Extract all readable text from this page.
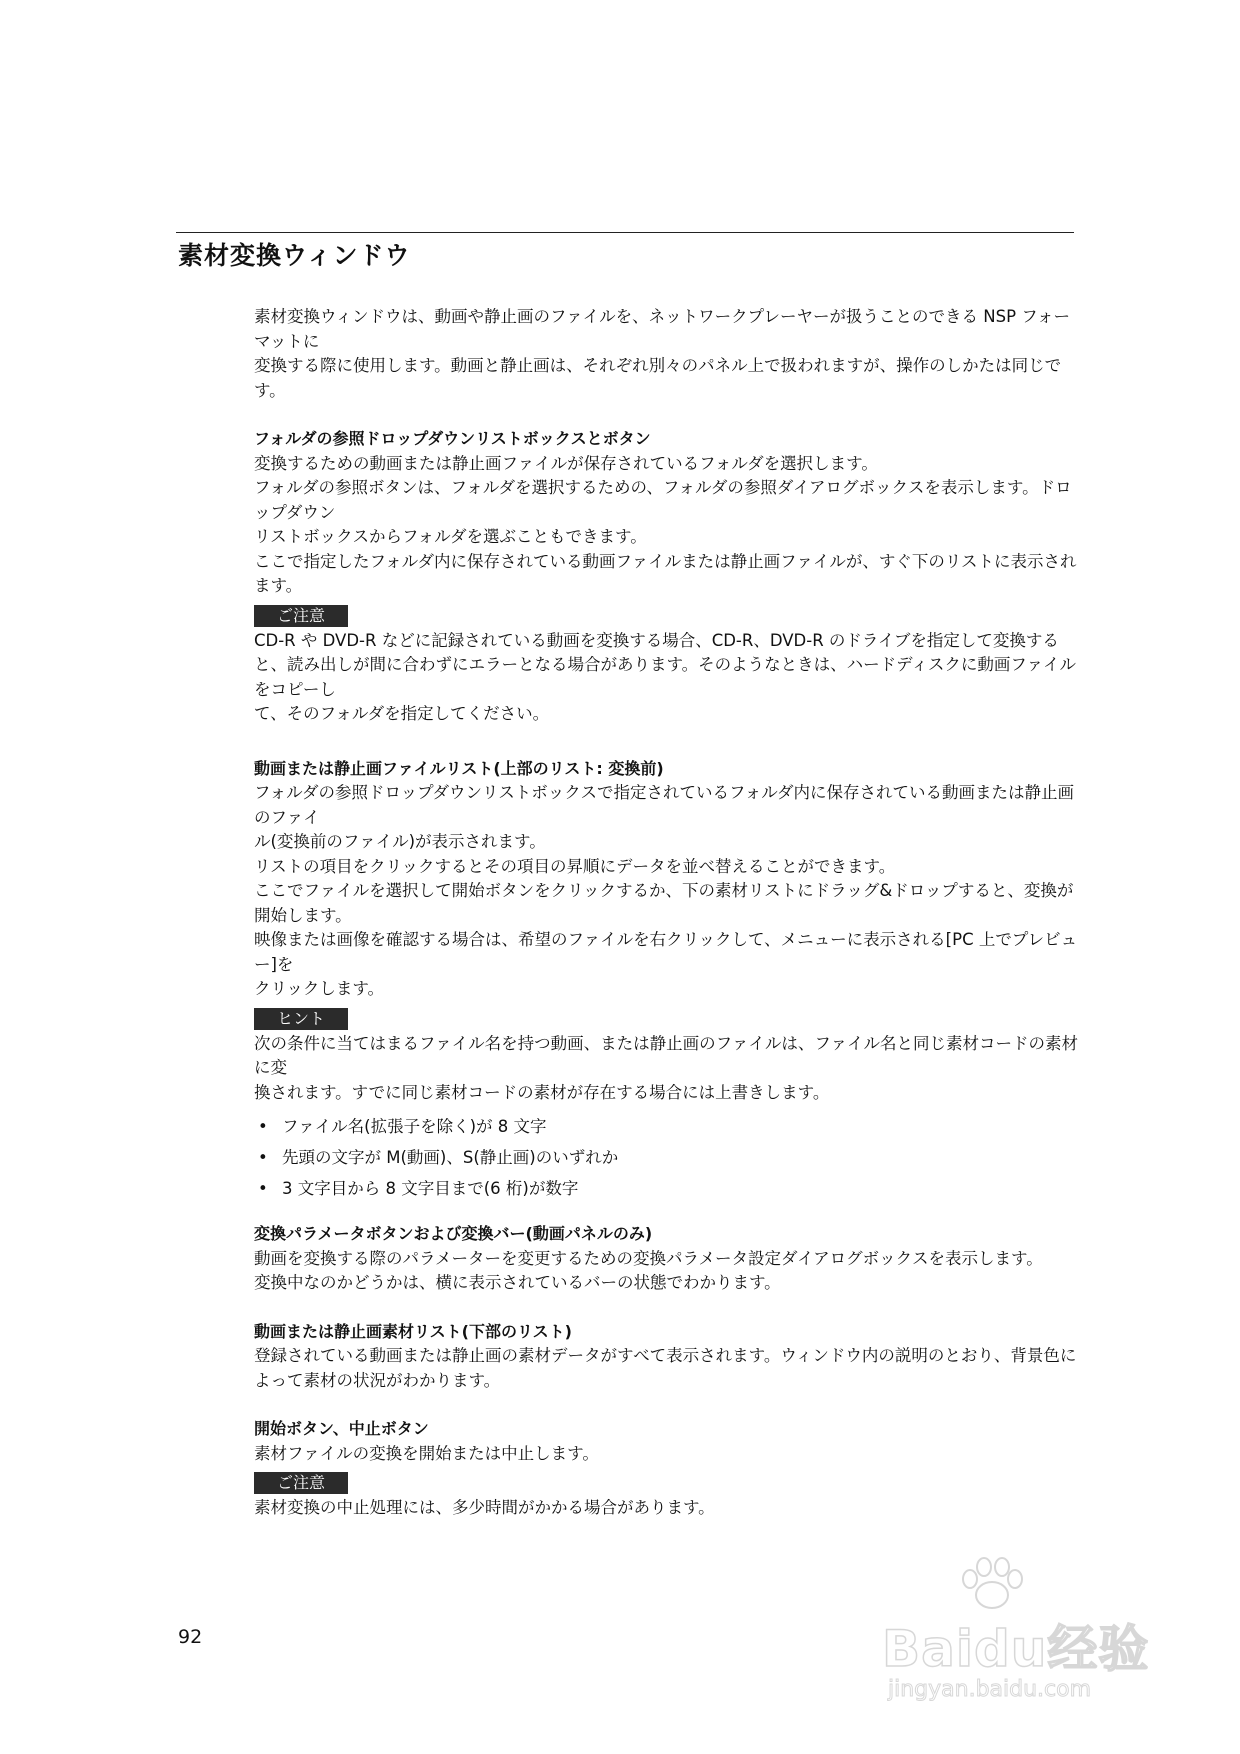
素材変換ウィンドウ

素材変換ウィンドウは、動画や静止画のファイルを、ネットワークプレーヤーが扱うことのできる NSP フォーマットに

変換する際に使用します。動画と静止画は、それぞれ別々のパネル上で扱われますが、操作のしかたは同じです。

フォルダの参照ドロップダウンリストボックスとボタン

変換するための動画または静止画ファイルが保存されているフォルダを選択します。

フォルダの参照ボタンは、フォルダを選択するための、フォルダの参照ダイアログボックスを表示します。ドロップダウン

リストボックスからフォルダを選ぶこともできます。

ここで指定したフォルダ内に保存されている動画ファイルまたは静止画ファイルが、すぐ下のリストに表示されます。

ご注意

CD-R や DVD-R などに記録されている動画を変換する場合、CD-R、DVD-R のドライブを指定して変換する

と、読み出しが間に合わずにエラーとなる場合があります。そのようなときは、ハードディスクに動画ファイルをコピーし

て、そのフォルダを指定してください。

動画または静止画ファイルリスト(上部のリスト: 変換前)

フォルダの参照ドロップダウンリストボックスで指定されているフォルダ内に保存されている動画または静止画のファイ

ル(変換前のファイル)が表示されます。

リストの項目をクリックするとその項目の昇順にデータを並べ替えることができます。

ここでファイルを選択して開始ボタンをクリックするか、下の素材リストにドラッグ&ドロップすると、変換が開始します。

映像または画像を確認する場合は、希望のファイルを右クリックして、メニューに表示される[PC 上でプレビュー]を

クリックします。

ヒント

次の条件に当てはまるファイル名を持つ動画、または静止画のファイルは、ファイル名と同じ素材コードの素材に変

換されます。すでに同じ素材コードの素材が存在する場合には上書きします。

• ファイル名(拡張子を除く)が 8 文字
• 先頭の文字が M(動画)、S(静止画)のいずれか
• 3 文字目から 8 文字目まで(6 桁)が数字

変換パラメータボタンおよび変換バー(動画パネルのみ)

動画を変換する際のパラメーターを変更するための変換パラメータ設定ダイアログボックスを表示します。

変換中なのかどうかは、横に表示されているバーの状態でわかります。

動画または静止画素材リスト(下部のリスト)

登録されている動画または静止画の素材データがすべて表示されます。ウィンドウ内の説明のとおり、背景色に

よって素材の状況がわかります。

開始ボタン、中止ボタン

素材ファイルの変換を開始または中止します。

ご注意

素材変換の中止処理には、多少時間がかかる場合があります。

92	Baidu经验
jingyan.baidu.com
